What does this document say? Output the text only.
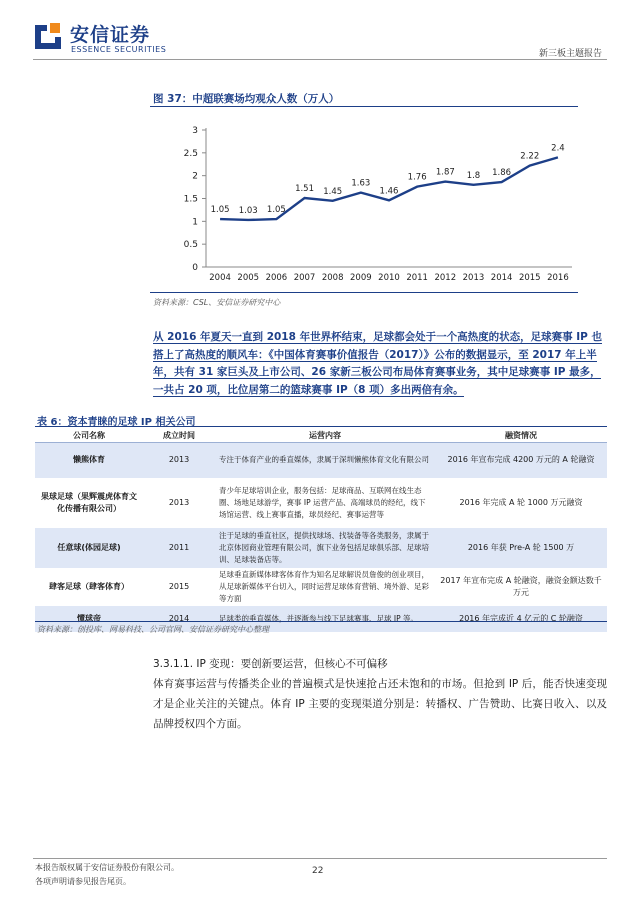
安信证券
ESSENCE SECURITIES	新三板主题报告
图 37：中超联赛场均观众人数（万人）
0
0.5
1
1.5
2
2.5
3
2004 2005 2006 2007 2008 2009 2010 2011 2012 2013 2014 2015 2016
1.05 1.03 1.05
1.51 1.45
1.63
1.46
1.76
1.87 1.8 1.86
2.22
2.4
资料来源：CSL、安信证券研究中心
从 2016 年夏天一直到 2018 年世界杯结束，足球都会处于一个高热度的状态，足球赛事 IP 也搭上了高热度的顺风车：《中国体育赛事价值报告（2017）》公布的数据显示，至 2017 年上半年，共有 31 家巨头及上市公司、26 家新三板公司布局体育赛事业务，其中足球赛事 IP 最多，一共占 20 项，比位居第二的篮球赛事 IP（8 项）多出两倍有余。
表 6：资本青睐的足球 IP 相关公司
公司名称	成立时间	运营内容	融资情况
懒熊体育	2013	专注于体育产业的垂直媒体，隶属于深圳懒熊体育文化有限公司	2016 年宣布完成 4200 万元的 A 轮融资
果球足球（果辉震虎体育文化传播有限公司）	2013	青少年足球培训企业，服务包括：足球商品、互联网在线生态圈、场地足球游学，赛事 IP 运营产品、高端球员的经纪，线下场馆运营、线上赛事直播，球员经纪、赛事运营等	2016 年完成 A 轮 1000 万元融资
任意球(体园足球)	2011	注于足球的垂直社区，提供找球场、找装备等各类服务，隶属于北京体园商业管理有限公司，旗下业务包括足球俱乐部、足球培训、足球装备店等。	2016 年获 Pre-A 轮 1500 万
肆客足球（肆客体育）	2015	足球垂直新媒体肆客体育作为知名足球解说员詹俊的创业项目，从足球新媒体平台切入，同时运营足球体育营销、境外游、足彩等方面	2017 年宣布完成 A 轮融资，融资金额达数千万元
懂球帝	2014	足球类的垂直媒体，并逐渐参与线下足球赛事、足球 IP 等。	2016 年完成近 4 亿元的 C 轮融资
资料来源：创投库、网易科技、公司官网、安信证券研究中心整理
3.3.1.1. IP 变现：要创新要运营，但核心不可偏移
体育赛事运营与传播类企业的普遍模式是快速抢占还未饱和的市场。但抢到 IP 后，能否快速变现才是企业关注的关键点。体育 IP 主要的变现渠道分别是：转播权、广告赞助、比赛日收入、以及品牌授权四个方面。
本报告版权属于安信证券股份有限公司。
各项声明请参见报告尾页。
22
